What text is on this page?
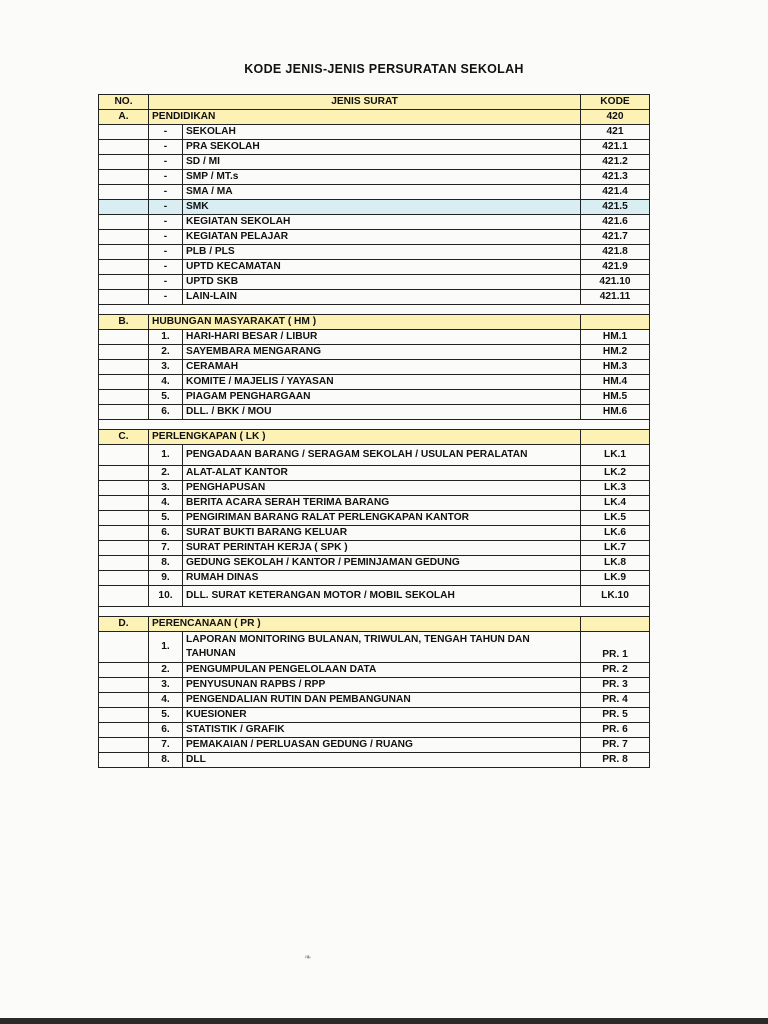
KODE JENIS-JENIS PERSURATAN SEKOLAH
NO.	JENIS SURAT		KODE
A.	PENDIDIKAN		420
	-	SEKOLAH	421
	-	PRA SEKOLAH	421.1
	-	SD / MI	421.2
	-	SMP / MT.s	421.3
	-	SMA / MA	421.4
	-	SMK	421.5
	-	KEGIATAN SEKOLAH	421.6
	-	KEGIATAN PELAJAR	421.7
	-	PLB / PLS	421.8
	-	UPTD KECAMATAN	421.9
	-	UPTD SKB	421.10
	-	LAIN-LAIN	421.11

B.	HUBUNGAN MASYARAKAT ( HM )		
	1.	HARI-HARI BESAR / LIBUR	HM.1
	2.	SAYEMBARA MENGARANG	HM.2
	3.	CERAMAH	HM.3
	4.	KOMITE / MAJELIS / YAYASAN	HM.4
	5.	PIAGAM PENGHARGAAN	HM.5
	6.	DLL. / BKK / MOU	HM.6

C.	PERLENGKAPAN ( LK )		
	1.	PENGADAAN BARANG / SERAGAM SEKOLAH / USULAN PERALATAN	LK.1
	2.	ALAT-ALAT KANTOR	LK.2
	3.	PENGHAPUSAN	LK.3
	4.	BERITA ACARA SERAH TERIMA BARANG	LK.4
	5.	PENGIRIMAN BARANG RALAT PERLENGKAPAN KANTOR	LK.5
	6.	SURAT BUKTI BARANG KELUAR	LK.6
	7.	SURAT PERINTAH KERJA ( SPK )	LK.7
	8.	GEDUNG SEKOLAH / KANTOR / PEMINJAMAN GEDUNG	LK.8
	9.	RUMAH DINAS	LK.9
	10.	DLL. SURAT KETERANGAN MOTOR / MOBIL SEKOLAH	LK.10

D.	PERENCANAAN ( PR )		
	1.	LAPORAN MONITORING BULANAN, TRIWULAN, TENGAH TAHUN DAN TAHUNAN	PR. 1
	2.	PENGUMPULAN PENGELOLAAN DATA	PR. 2
	3.	PENYUSUNAN RAPBS / RPP	PR. 3
	4.	PENGENDALIAN RUTIN DAN PEMBANGUNAN	PR. 4
	5.	KUESIONER	PR. 5
	6.	STATISTIK / GRAFIK	PR. 6
	7.	PEMAKAIAN / PERLUASAN GEDUNG / RUANG	PR. 7
	8.	DLL	PR. 8
❧
